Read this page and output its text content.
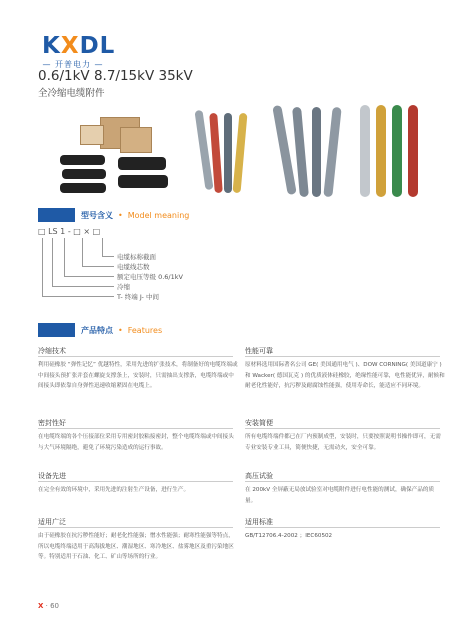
KXDL
— 开普电力 —
0.6/1kV 8.7/15kV 35kV
全冷缩电缆附件
型号含义 • Model meaning
□ LS 1 - □ × □
电缆标称截面
电缆线芯数
额定电压等级 0.6/1kV
冷缩
T- 终端 J- 中间
产品特点 • Features
冷缩技术
利用硅橡胶 “弹性记忆” 优越特性，采用先进的扩张技术，将制备好的电缆终端或中间接头预扩张并套在螺旋支撑条上，安装时，只需抽出支撑条，电缆终端或中间接头即依靠自身弹性迅速收缩紧固在电缆上。
性能可靠
原材料选用国际著名公司 GE( 美国通用电气 )、DOW CORNING( 美国道康宁 ) 和 Wacker( 德国瓦克 ) 的优质液体硅橡胶，绝缘性能可靠，电性能优异，耐候和耐老化性能好，抗污秽及耐腐蚀性能强，使用寿命长，能适应不同环境。
密封性好
在电缆终端的各个压接部位采用专用密封胶粘接密封，整个电缆终端或中间接头与大气环境隔绝，避免了环境污染造成的运行事故。
安装简便
所有电缆终端件都已在厂内预制成型，安装时，只要按照说明书操作即可，无需专业安装专业工具，简便快捷，无需动火，安全可靠。
设备先进
在完全有效的环境中，采用先进的注射生产设备，进行生产。
高压试验
在 200kV 全屏蔽无局放试验室对电缆附件进行电性能的测试，确保产品的质量。
适用广泛
由于硅橡胶在抗污秽性能好；耐老化性能强；憎水性能强；耐寒性能强等特点，所以电缆终端适用于高海拔地区、潮湿地区、寒冷地区、盐雾地区及重污染地区等。特别适用于石油、化工、矿山等场所的行业。
适用标准
GB/T12706.4-2002 ；IEC60502
X · 60
